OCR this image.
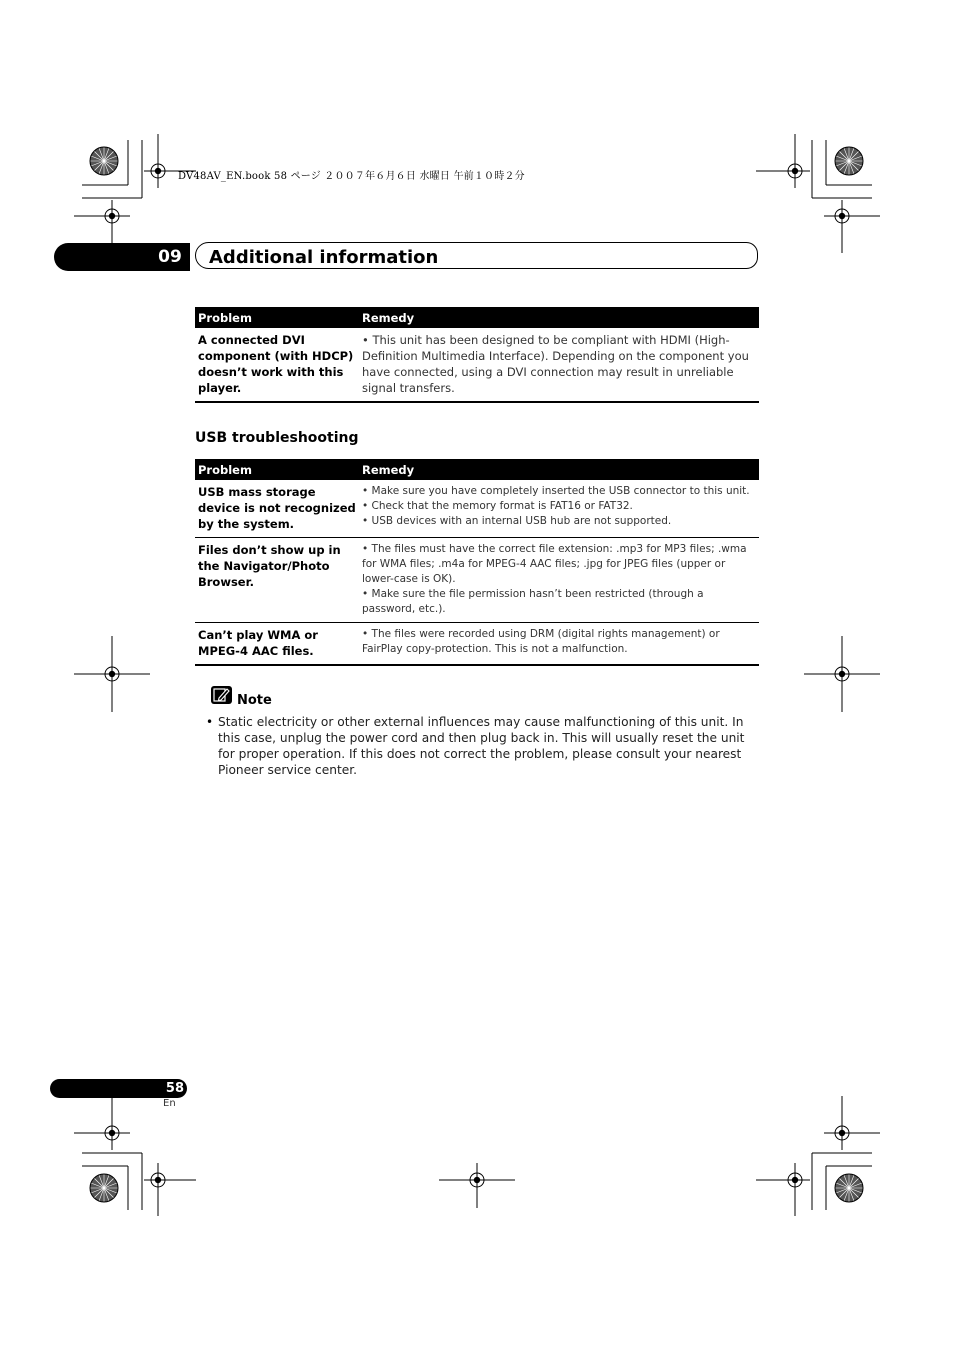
DV48AV_EN.book 58 ページ ２００７年６月６日 水曜日 午前１０時２分
09	Additional information
Problem	Remedy
A connected DVI component (with HDCP) doesn’t work with this player.	• This unit has been designed to be compliant with HDMI (High-Definition Multimedia Interface). Depending on the component you have connected, using a DVI connection may result in unreliable signal transfers.
USB troubleshooting
Problem	Remedy
USB mass storage device is not recognized by the system.	• Make sure you have completely inserted the USB connector to this unit.
• Check that the memory format is FAT16 or FAT32.
• USB devices with an internal USB hub are not supported.

Files don’t show up in the Navigator/Photo Browser.	• The files must have the correct file extension: .mp3 for MP3 files; .wma for WMA files; .m4a for MPEG-4 AAC files; .jpg for JPEG files (upper or lower-case is OK).
• Make sure the file permission hasn’t been restricted (through a password, etc.).

Can’t play WMA or MPEG-4 AAC files.	• The files were recorded using DRM (digital rights management) or FairPlay copy-protection. This is not a malfunction.
Note
• Static electricity or other external influences may cause malfunctioning of this unit. In this case, unplug the power cord and then plug back in. This will usually reset the unit for proper operation. If this does not correct the problem, please consult your nearest Pioneer service center.
58
En
